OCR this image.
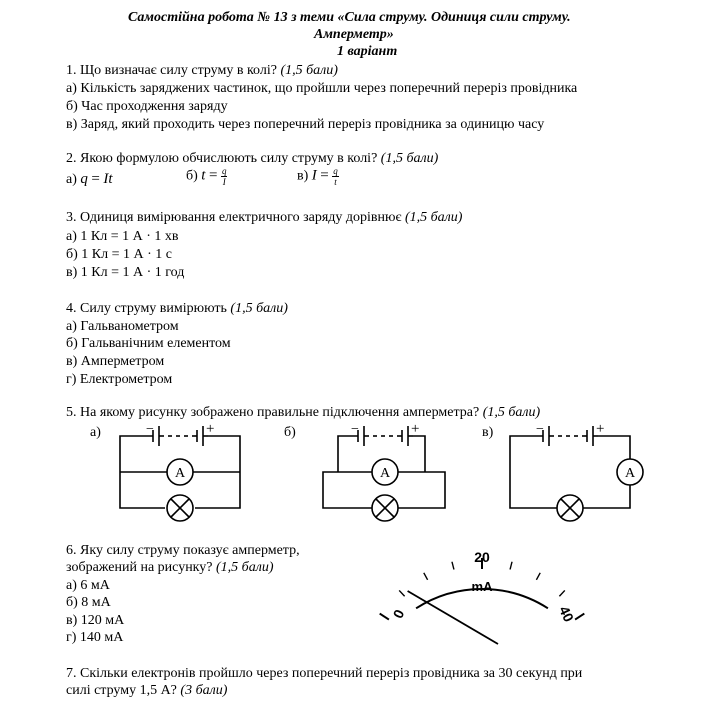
Самостійна робота № 13 з теми «Сила струму. Одиниця сили струму.
Амперметр»
1 варіант
1. Що визначає силу струму в колі? (1,5 бали)
а) Кількість заряджених частинок, що пройшли через поперечний переріз провідника
б) Час проходження заряду
в) Заряд, який проходить через поперечний переріз провідника за одиницю часу
2. Якою формулою обчислюють силу струму в колі? (1,5 бали)
а) q = It	б) $t = \frac{q}{I}$	в) $I = \frac{q}{t}$
3. Одиниця вимірювання електричного заряду дорівнює (1,5 бали)
а) 1 Кл = 1 А · 1 хв
б) 1 Кл = 1 А · 1 с
в) 1 Кл = 1 А · 1 год
4. Силу струму вимірюють (1,5 бали)
а) Гальванометром
б) Гальванічним елементом
в) Амперметром
г) Електрометром
5. На якому рисунку зображено правильне підключення амперметра? (1,5 бали)
а)	б)	в)
A
−	+
A
−	+
A
−	+
6. Яку силу струму показує амперметр,
зображений на рисунку? (1,5 бали)
а) 6 мА
б) 8 мА
в) 120 мА
г) 140 мА
mA
20
0	40
7. Скільки електронів пройшло через поперечний переріз провідника за 30 секунд при
силі струму 1,5 А? (3 бали)
